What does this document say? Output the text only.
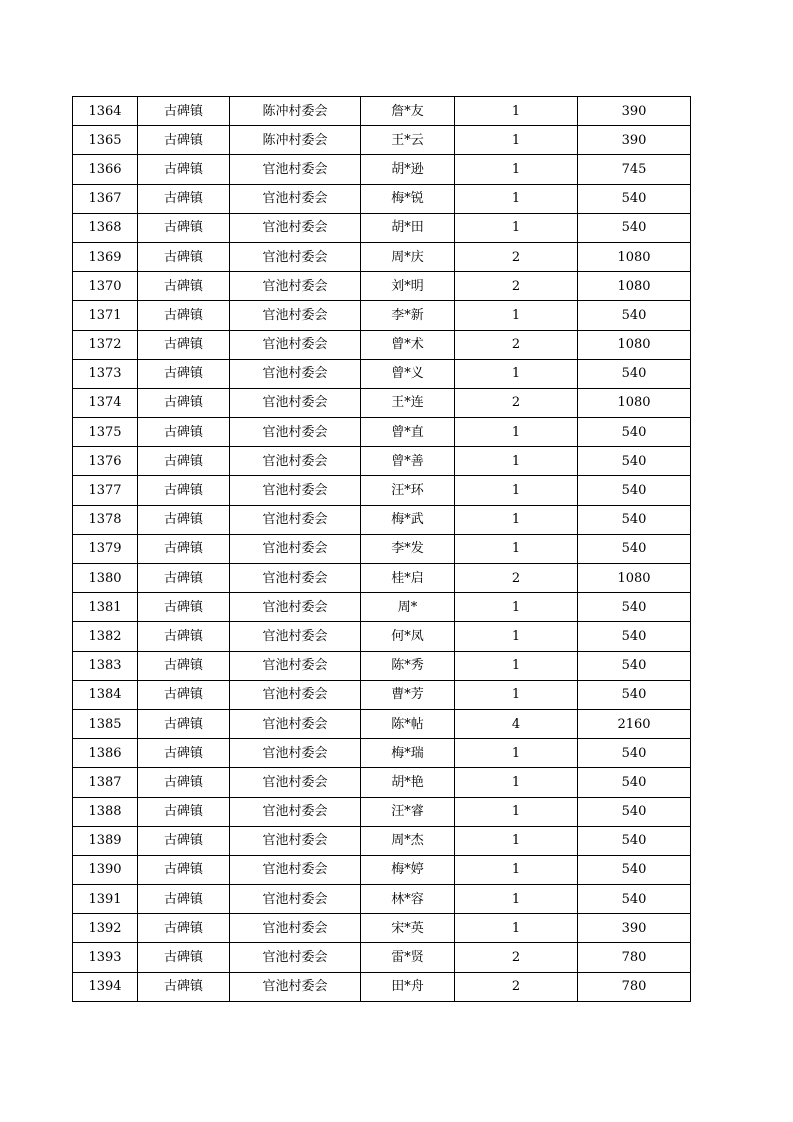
1364	古碑镇	陈冲村委会	詹*友	1	390
1365	古碑镇	陈冲村委会	王*云	1	390
1366	古碑镇	官池村委会	胡*逊	1	745
1367	古碑镇	官池村委会	梅*锐	1	540
1368	古碑镇	官池村委会	胡*田	1	540
1369	古碑镇	官池村委会	周*庆	2	1080
1370	古碑镇	官池村委会	刘*明	2	1080
1371	古碑镇	官池村委会	李*新	1	540
1372	古碑镇	官池村委会	曾*术	2	1080
1373	古碑镇	官池村委会	曾*义	1	540
1374	古碑镇	官池村委会	王*连	2	1080
1375	古碑镇	官池村委会	曾*直	1	540
1376	古碑镇	官池村委会	曾*善	1	540
1377	古碑镇	官池村委会	汪*环	1	540
1378	古碑镇	官池村委会	梅*武	1	540
1379	古碑镇	官池村委会	李*发	1	540
1380	古碑镇	官池村委会	桂*启	2	1080
1381	古碑镇	官池村委会	周*	1	540
1382	古碑镇	官池村委会	何*凤	1	540
1383	古碑镇	官池村委会	陈*秀	1	540
1384	古碑镇	官池村委会	曹*芳	1	540
1385	古碑镇	官池村委会	陈*帖	4	2160
1386	古碑镇	官池村委会	梅*瑞	1	540
1387	古碑镇	官池村委会	胡*艳	1	540
1388	古碑镇	官池村委会	汪*睿	1	540
1389	古碑镇	官池村委会	周*杰	1	540
1390	古碑镇	官池村委会	梅*婷	1	540
1391	古碑镇	官池村委会	林*容	1	540
1392	古碑镇	官池村委会	宋*英	1	390
1393	古碑镇	官池村委会	雷*贤	2	780
1394	古碑镇	官池村委会	田*舟	2	780
